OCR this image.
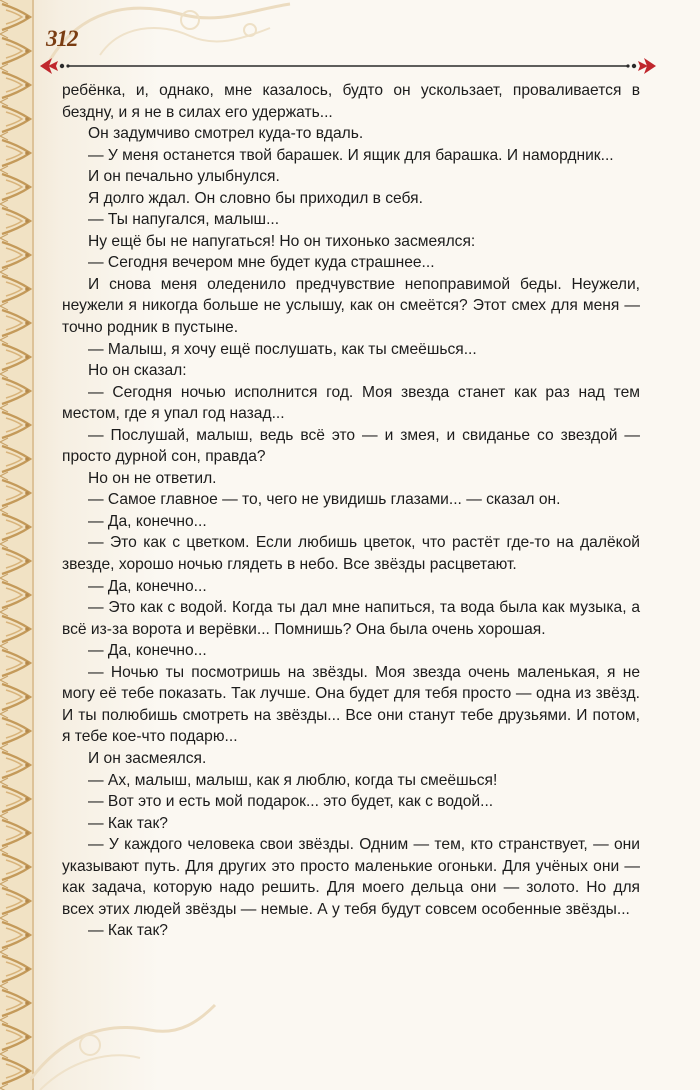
312

ребёнка, и, однако, мне казалось, будто он ускользает, проваливается в бездну, и я не в силах его удержать...

Он задумчиво смотрел куда-то вдаль.

— У меня останется твой барашек. И ящик для барашка. И намордник...

И он печально улыбнулся.

Я долго ждал. Он словно бы приходил в себя.

— Ты напугался, малыш...

Ну ещё бы не напугаться! Но он тихонько засмеялся:

— Сегодня вечером мне будет куда страшнее...

И снова меня оледенило предчувствие непоправимой беды. Неужели, неужели я никогда больше не услышу, как он смеётся? Этот смех для меня — точно родник в пустыне.

— Малыш, я хочу ещё послушать, как ты смеёшься...

Но он сказал:

— Сегодня ночью исполнится год. Моя звезда станет как раз над тем местом, где я упал год назад...

— Послушай, малыш, ведь всё это — и змея, и свиданье со звездой — просто дурной сон, правда?

Но он не ответил.

— Самое главное — то, чего не увидишь глазами... — сказал он.

— Да, конечно...

— Это как с цветком. Если любишь цветок, что растёт где-то на далёкой звезде, хорошо ночью глядеть в небо. Все звёзды расцветают.

— Да, конечно...

— Это как с водой. Когда ты дал мне напиться, та вода была как музыка, а всё из-за ворота и верёвки... Помнишь? Она была очень хорошая.

— Да, конечно...

— Ночью ты посмотришь на звёзды. Моя звезда очень маленькая, я не могу её тебе показать. Так лучше. Она будет для тебя просто — одна из звёзд. И ты полюбишь смотреть на звёзды... Все они станут тебе друзьями. И потом, я тебе кое-что подарю...

И он засмеялся.

— Ах, малыш, малыш, как я люблю, когда ты смеёшься!

— Вот это и есть мой подарок... это будет, как с водой...

— Как так?

— У каждого человека свои звёзды. Одним — тем, кто странствует, — они указывают путь. Для других это просто маленькие огоньки. Для учёных они — как задача, которую надо решить. Для моего дельца они — золото. Но для всех этих людей звёзды — немые. А у тебя будут совсем особенные звёзды...

— Как так?
